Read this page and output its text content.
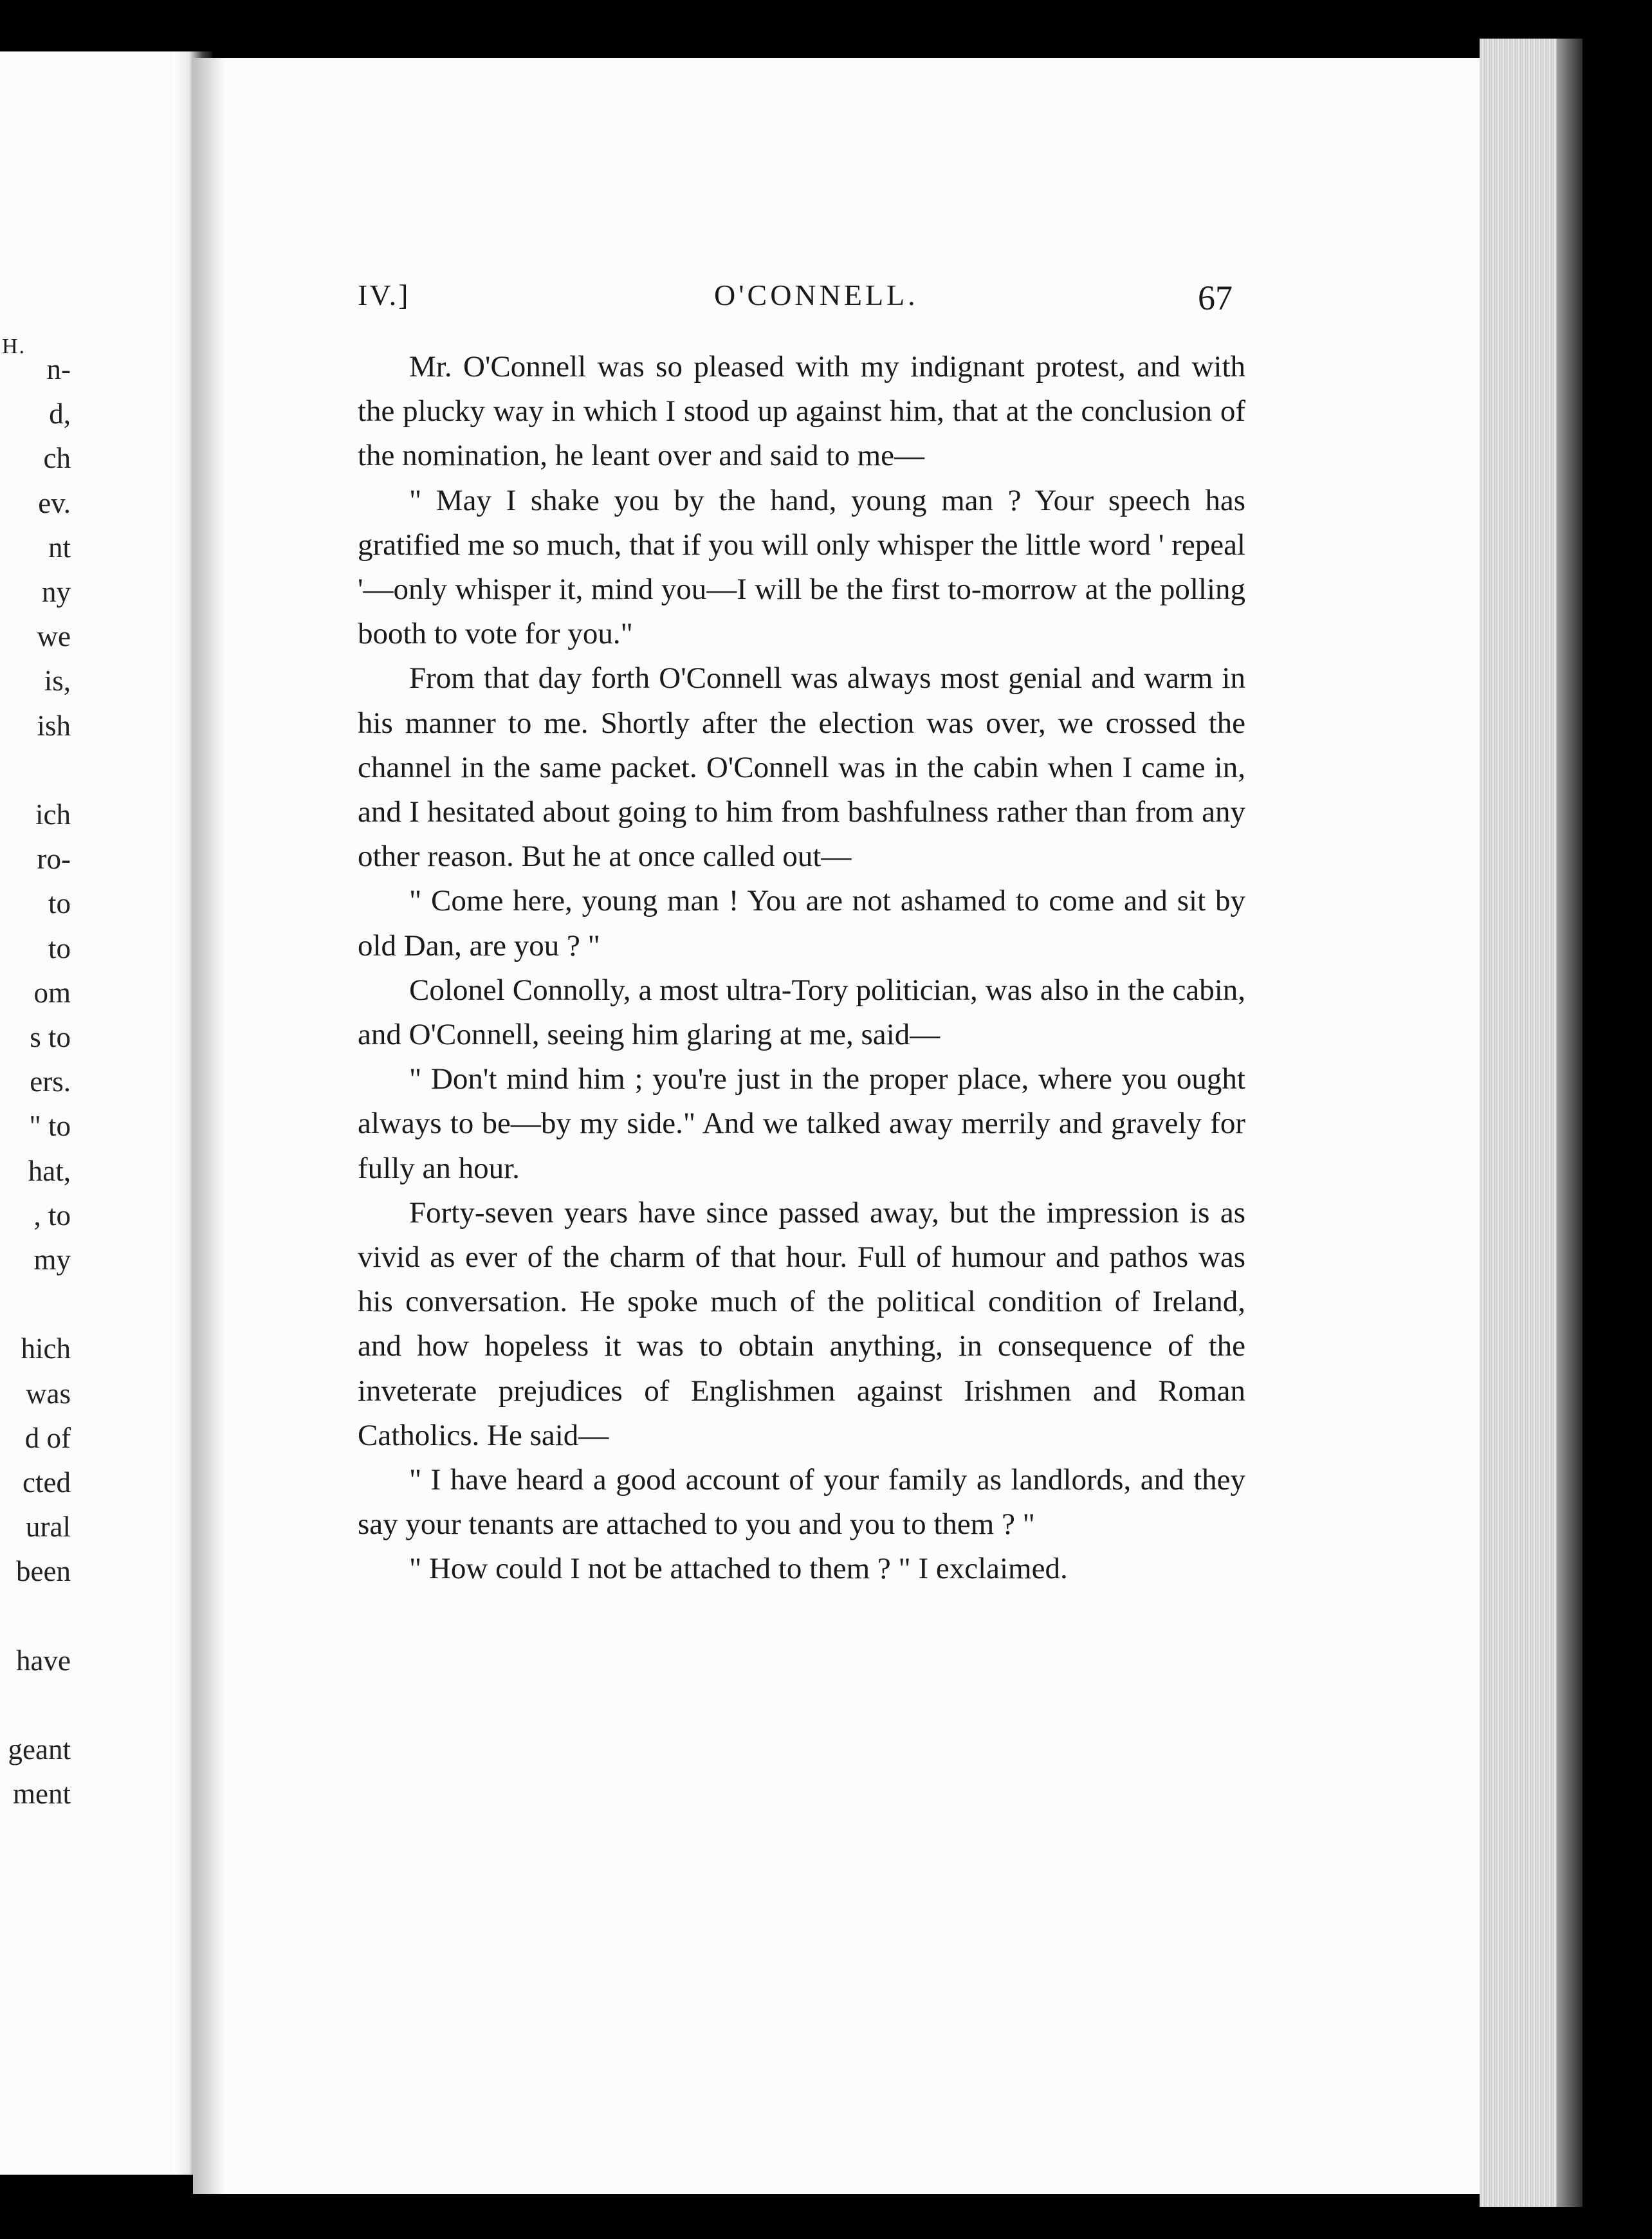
H.
n-
d,
ch
ev.
nt
ny
we
is,
ish
ich
ro-
to
to
om
s to
ers.
" to
hat,
, to
my
hich
was
d of
cted
ural
been
have
geant
ment
IV.]	O'CONNELL.	67

Mr. O'Connell was so pleased with my indignant protest, and with the plucky way in which I stood up against him, that at the conclusion of the nomination, he leant over and said to me—

" May I shake you by the hand, young man ? Your speech has gratified me so much, that if you will only whisper the little word ' repeal '—only whisper it, mind you—I will be the first to-morrow at the polling booth to vote for you."

From that day forth O'Connell was always most genial and warm in his manner to me. Shortly after the election was over, we crossed the channel in the same packet. O'Connell was in the cabin when I came in, and I hesitated about going to him from bashfulness rather than from any other reason. But he at once called out—

" Come here, young man ! You are not ashamed to come and sit by old Dan, are you ? "

Colonel Connolly, a most ultra-Tory politician, was also in the cabin, and O'Connell, seeing him glaring at me, said—

" Don't mind him ; you're just in the proper place, where you ought always to be—by my side." And we talked away merrily and gravely for fully an hour.

Forty-seven years have since passed away, but the impression is as vivid as ever of the charm of that hour. Full of humour and pathos was his conversation. He spoke much of the political condition of Ireland, and how hopeless it was to obtain anything, in consequence of the inveterate prejudices of Englishmen against Irishmen and Roman Catholics. He said—

" I have heard a good account of your family as landlords, and they say your tenants are attached to you and you to them ? "

" How could I not be attached to them ? " I exclaimed.
